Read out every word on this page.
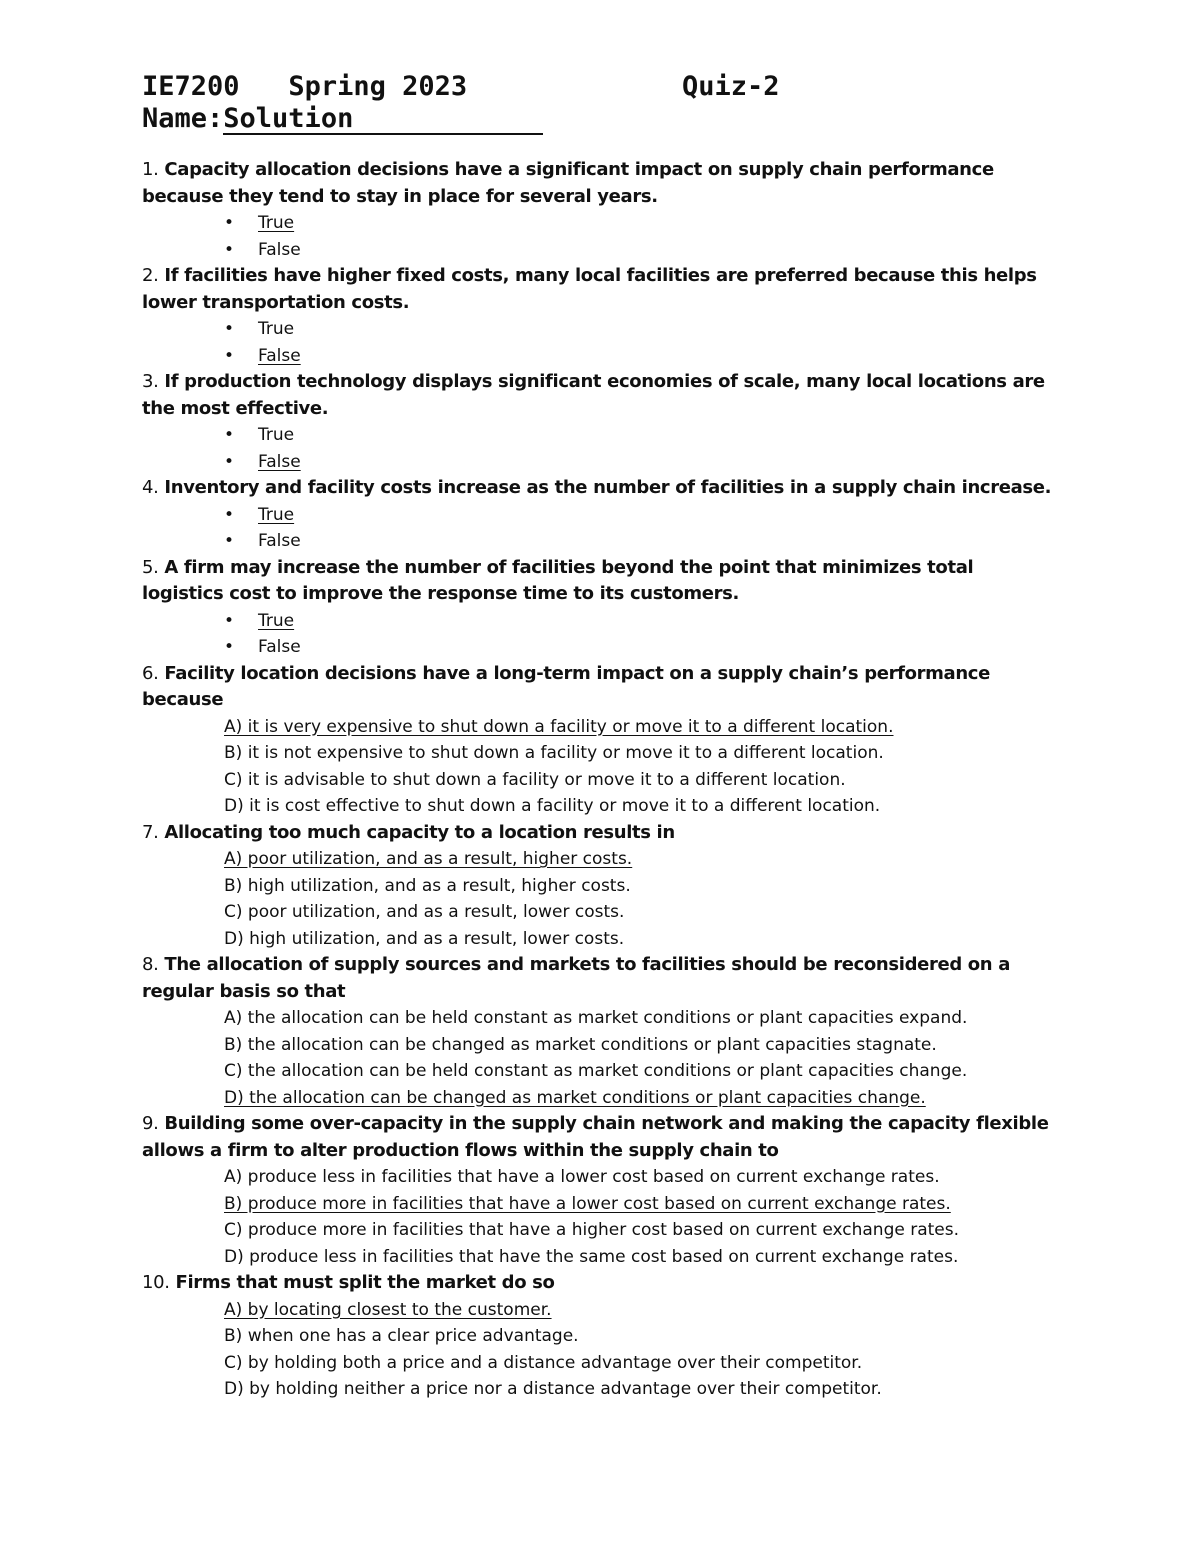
IE7200 Spring 2023	Quiz-2
Name:Solution
1. Capacity allocation decisions have a significant impact on supply chain performance because they tend to stay in place for several years.
• True
• False
2. If facilities have higher fixed costs, many local facilities are preferred because this helps lower transportation costs.
• True
• False
3. If production technology displays significant economies of scale, many local locations are the most effective.
• True
• False
4. Inventory and facility costs increase as the number of facilities in a supply chain increase.
• True
• False
5. A firm may increase the number of facilities beyond the point that minimizes total logistics cost to improve the response time to its customers.
• True
• False
6. Facility location decisions have a long-term impact on a supply chain’s performance because
A) it is very expensive to shut down a facility or move it to a different location.
B) it is not expensive to shut down a facility or move it to a different location.
C) it is advisable to shut down a facility or move it to a different location.
D) it is cost effective to shut down a facility or move it to a different location.
7. Allocating too much capacity to a location results in
A) poor utilization, and as a result, higher costs.
B) high utilization, and as a result, higher costs.
C) poor utilization, and as a result, lower costs.
D) high utilization, and as a result, lower costs.
8. The allocation of supply sources and markets to facilities should be reconsidered on a regular basis so that
A) the allocation can be held constant as market conditions or plant capacities expand.
B) the allocation can be changed as market conditions or plant capacities stagnate.
C) the allocation can be held constant as market conditions or plant capacities change.
D) the allocation can be changed as market conditions or plant capacities change.
9. Building some over-capacity in the supply chain network and making the capacity flexible allows a firm to alter production flows within the supply chain to
A) produce less in facilities that have a lower cost based on current exchange rates.
B) produce more in facilities that have a lower cost based on current exchange rates.
C) produce more in facilities that have a higher cost based on current exchange rates.
D) produce less in facilities that have the same cost based on current exchange rates.
10. Firms that must split the market do so
A) by locating closest to the customer.
B) when one has a clear price advantage.
C) by holding both a price and a distance advantage over their competitor.
D) by holding neither a price nor a distance advantage over their competitor.
